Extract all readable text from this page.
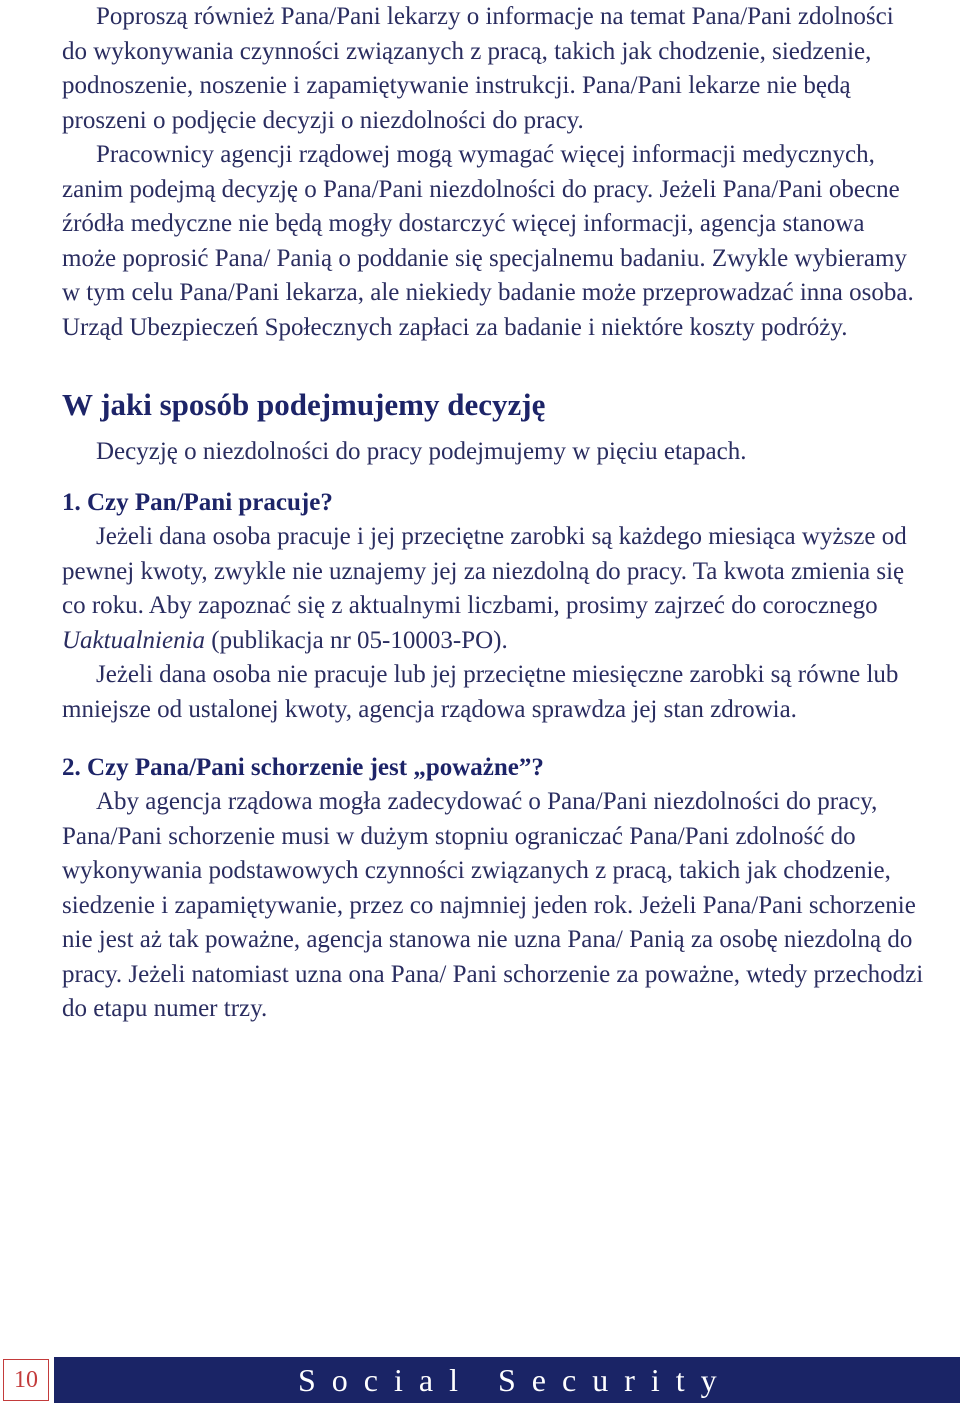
Poproszą również Pana/Pani lekarzy o informacje na temat Pana/Pani zdolności do wykonywania czynności związanych z pracą, takich jak chodzenie, siedzenie, podnoszenie, noszenie i zapamiętywanie instrukcji. Pana/Pani lekarze nie będą proszeni o podjęcie decyzji o niezdolności do pracy.

Pracownicy agencji rządowej mogą wymagać więcej informacji medycznych, zanim podejmą decyzję o Pana/Pani niezdolności do pracy. Jeżeli Pana/Pani obecne źródła medyczne nie będą mogły dostarczyć więcej informacji, agencja stanowa może poprosić Pana/ Panią o poddanie się specjalnemu badaniu. Zwykle wybieramy w tym celu Pana/Pani lekarza, ale niekiedy badanie może przeprowadzać inna osoba. Urząd Ubezpieczeń Społecznych zapłaci za badanie i niektóre koszty podróży.

W jaki sposób podejmujemy decyzję

Decyzję o niezdolności do pracy podejmujemy w pięciu etapach.

1. Czy Pan/Pani pracuje?

Jeżeli dana osoba pracuje i jej przeciętne zarobki są każdego miesiąca wyższe od pewnej kwoty, zwykle nie uznajemy jej za niezdolną do pracy. Ta kwota zmienia się co roku. Aby zapoznać się z aktualnymi liczbami, prosimy zajrzeć do corocznego Uaktualnienia (publikacja nr 05-10003-PO).

Jeżeli dana osoba nie pracuje lub jej przeciętne miesięczne zarobki są równe lub mniejsze od ustalonej kwoty, agencja rządowa sprawdza jej stan zdrowia.

2. Czy Pana/Pani schorzenie jest „poważne”?

Aby agencja rządowa mogła zadecydować o Pana/Pani niezdolności do pracy, Pana/Pani schorzenie musi w dużym stopniu ograniczać Pana/Pani zdolność do wykonywania podstawowych czynności związanych z pracą, takich jak chodzenie, siedzenie i zapamiętywanie, przez co najmniej jeden rok. Jeżeli Pana/Pani schorzenie nie jest aż tak poważne, agencja stanowa nie uzna Pana/ Panią za osobę niezdolną do pracy. Jeżeli natomiast uzna ona Pana/ Pani schorzenie za poważne, wtedy przechodzi do etapu numer trzy.

10	Social Security
